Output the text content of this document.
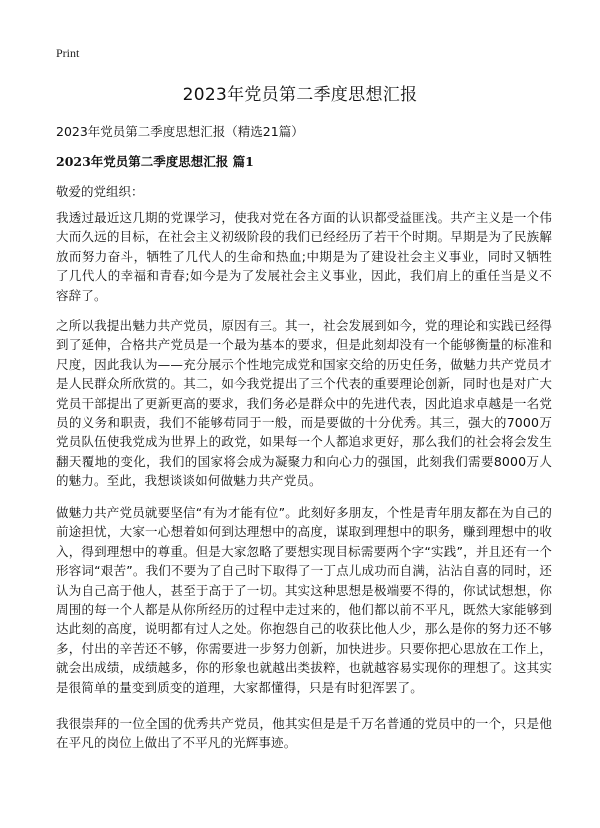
Print
2023年党员第二季度思想汇报

2023年党员第二季度思想汇报（精选21篇）

2023年党员第二季度思想汇报 篇1

敬爱的党组织：

我透过最近这几期的党课学习，使我对党在各方面的认识都受益匪浅。共产主义是一个伟大而久远的目标，在社会主义初级阶段的我们已经经历了若干个时期。早期是为了民族解放而努力奋斗，牺牲了几代人的生命和热血;中期是为了建设社会主义事业，同时又牺牲了几代人的幸福和青春;如今是为了发展社会主义事业，因此，我们肩上的重任当是义不容辞了。

之所以我提出魅力共产党员，原因有三。其一，社会发展到如今，党的理论和实践已经得到了延伸，合格共产党员是一个最为基本的要求，但是此刻却没有一个能够衡量的标准和尺度，因此我认为——充分展示个性地完成党和国家交给的历史任务，做魅力共产党员才是人民群众所欣赏的。其二，如今我党提出了三个代表的重要理论创新，同时也是对广大党员干部提出了更新更高的要求，我们务必是群众中的先进代表，因此追求卓越是一名党员的义务和职责，我们不能够苟同于一般，而是要做的十分优秀。其三，强大的7000万党员队伍使我党成为世界上的政党，如果每一个人都追求更好，那么我们的社会将会发生翻天覆地的变化，我们的国家将会成为凝聚力和向心力的强国，此刻我们需要8000万人的魅力。至此，我想谈谈如何做魅力共产党员。

做魅力共产党员就要坚信“有为才能有位”。此刻好多朋友，个性是青年朋友都在为自己的前途担忧，大家一心想着如何到达理想中的高度，谋取到理想中的职务，赚到理想中的收入，得到理想中的尊重。但是大家忽略了要想实现目标需要两个字“实践”，并且还有一个形容词“艰苦”。我们不要为了自己时下取得了一丁点儿成功而自满，沾沾自喜的同时，还认为自己高于他人，甚至于高于了一切。其实这种思想是极端要不得的，你试试想想，你周围的每一个人都是从你所经历的过程中走过来的，他们都以前不平凡，既然大家能够到达此刻的高度，说明都有过人之处。你抱怨自己的收获比他人少，那么是你的努力还不够多，付出的辛苦还不够，你需要进一步努力创新，加快进步。只要你把心思放在工作上，就会出成绩，成绩越多，你的形象也就越出类拔粹，也就越容易实现你的理想了。这其实是很简单的量变到质变的道理，大家都懂得，只是有时犯浑罢了。

我很崇拜的一位全国的优秀共产党员，他其实但是是千万名普通的党员中的一个，只是他在平凡的岗位上做出了不平凡的光辉事迹。
